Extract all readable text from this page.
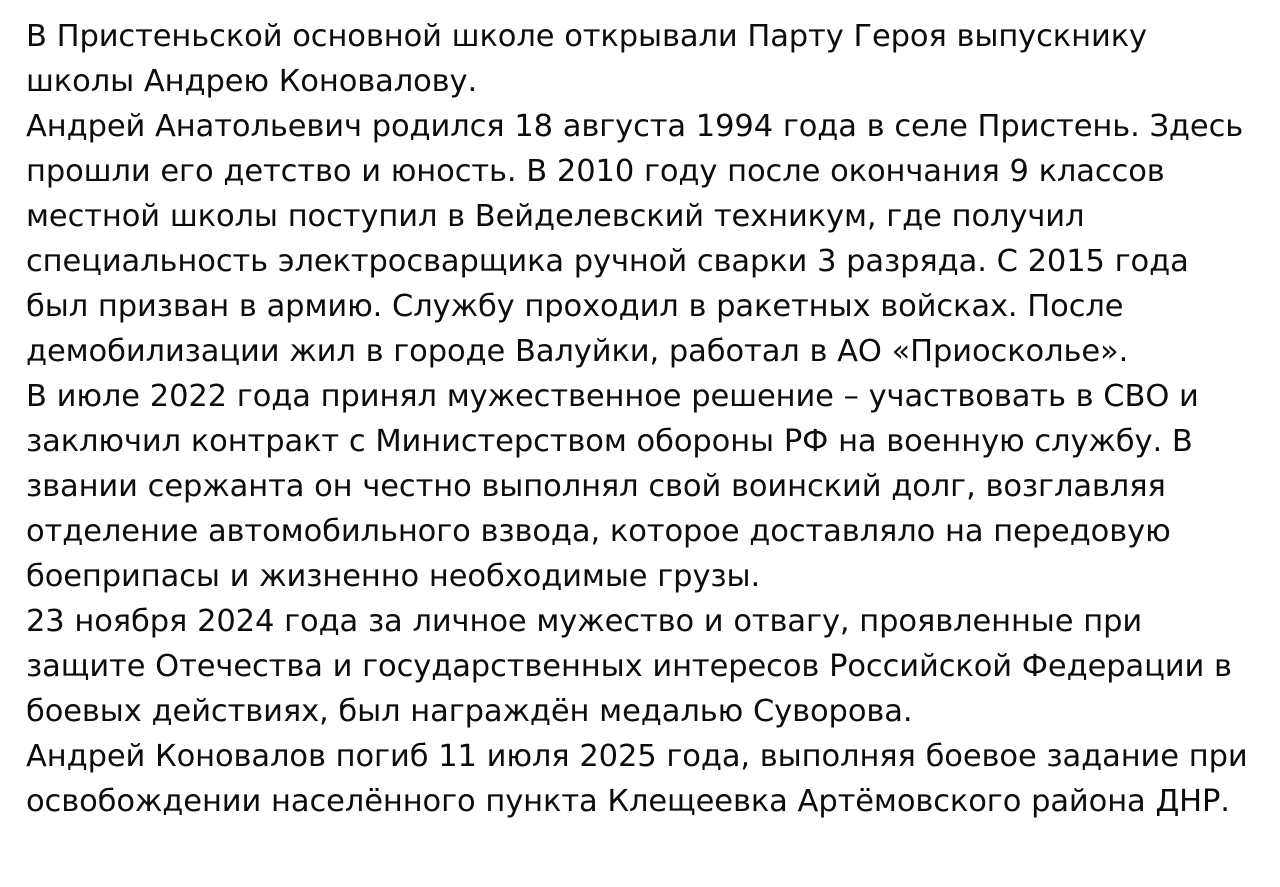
В Пристеньской основной школе открывали Парту Героя выпускнику школы Андрею Коновалову.

Андрей Анатольевич родился 18 августа 1994 года в селе Пристень. Здесь прошли его детство и юность. В 2010 году после окончания 9 классов местной школы поступил в Вейделевский техникум, где получил специальность электросварщика ручной сварки 3 разряда. С 2015 года был призван в армию. Службу проходил в ракетных войсках. После демобилизации жил в городе Валуйки, работал в АО «Приосколье».

В июле 2022 года принял мужественное решение – участвовать в СВО и заключил контракт с Министерством обороны РФ на военную службу. В звании сержанта он честно выполнял свой воинский долг, возглавляя отделение автомобильного взвода, которое доставляло на передовую боеприпасы и жизненно необходимые грузы.

23 ноября 2024 года за личное мужество и отвагу, проявленные при защите Отечества и государственных интересов Российской Федерации в боевых действиях, был награждён медалью Суворова.

Андрей Коновалов погиб 11 июля 2025 года, выполняя боевое задание при освобождении населённого пункта Клещеевка Артёмовского района ДНР.
